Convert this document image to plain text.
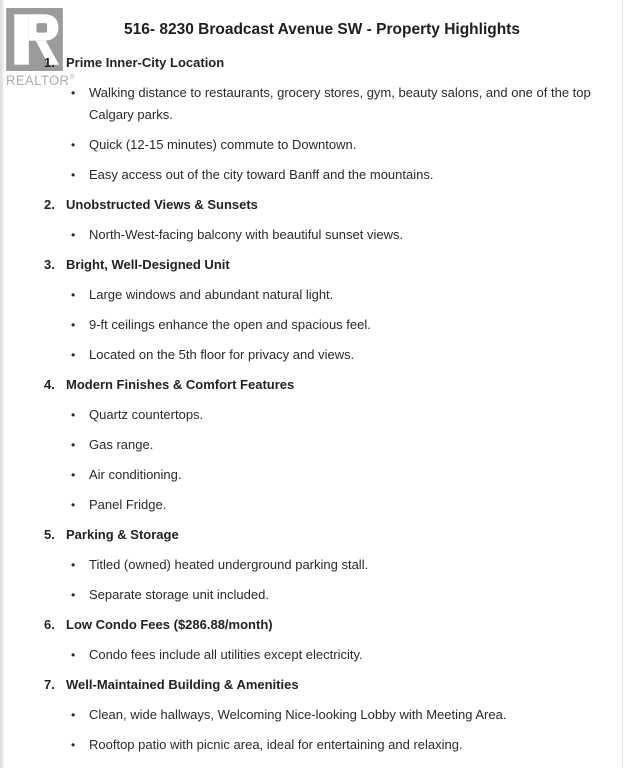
REALTOR®
516- 8230 Broadcast Avenue SW - Property Highlights
1. Prime Inner-City Location
•	Walking distance to restaurants, grocery stores, gym, beauty salons, and one of the top Calgary parks.
•	Quick (12-15 minutes) commute to Downtown.
•	Easy access out of the city toward Banff and the mountains.
2. Unobstructed Views & Sunsets
•	North-West-facing balcony with beautiful sunset views.
3. Bright, Well-Designed Unit
•	Large windows and abundant natural light.
•	9-ft ceilings enhance the open and spacious feel.
•	Located on the 5th floor for privacy and views.
4. Modern Finishes & Comfort Features
•	Quartz countertops.
•	Gas range.
•	Air conditioning.
•	Panel Fridge.
5. Parking & Storage
•	Titled (owned) heated underground parking stall.
•	Separate storage unit included.
6. Low Condo Fees ($286.88/month)
•	Condo fees include all utilities except electricity.
7. Well-Maintained Building & Amenities
•	Clean, wide hallways, Welcoming Nice-looking Lobby with Meeting Area.
•	Rooftop patio with picnic area, ideal for entertaining and relaxing.
